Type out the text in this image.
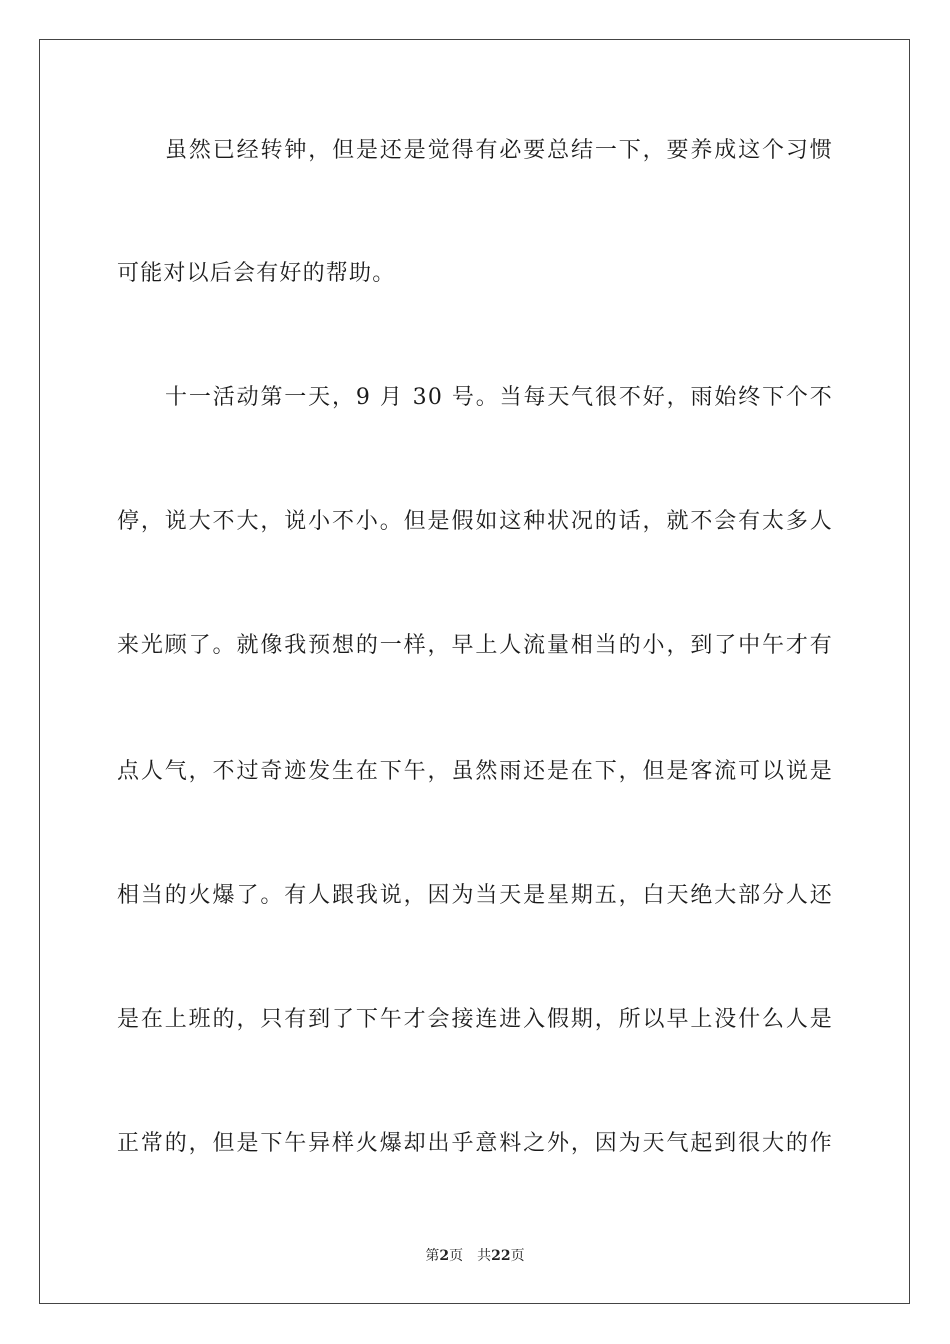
虽然已经转钟，但是还是觉得有必要总结一下，要养成这个习惯
可能对以后会有好的帮助。
十一活动第一天，9 月 30 号。当每天气很不好，雨始终下个不
停，说大不大，说小不小。但是假如这种状况的话，就不会有太多人
来光顾了。就像我预想的一样，早上人流量相当的小，到了中午才有
点人气，不过奇迹发生在下午，虽然雨还是在下，但是客流可以说是
相当的火爆了。有人跟我说，因为当天是星期五，白天绝大部分人还
是在上班的，只有到了下午才会接连进入假期，所以早上没什么人是
正常的，但是下午异样火爆却出乎意料之外，因为天气起到很大的作
第2页 共22页
